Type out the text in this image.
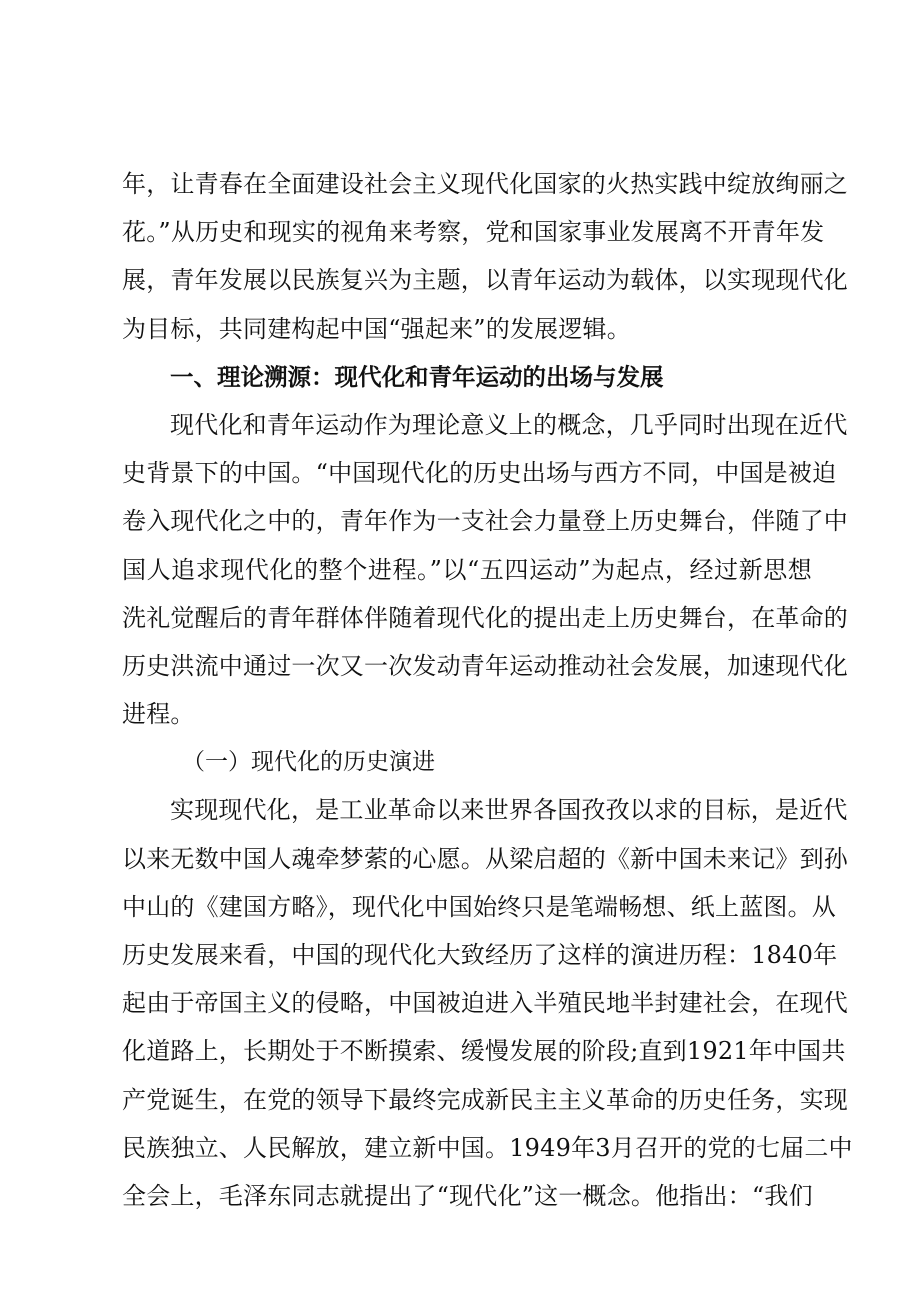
年，让青春在全面建设社会主义现代化国家的火热实践中绽放绚丽之
花。”从历史和现实的视角来考察，党和国家事业发展离不开青年发
展，青年发展以民族复兴为主题，以青年运动为载体，以实现现代化
为目标，共同建构起中国“强起来”的发展逻辑。
一、理论溯源：现代化和青年运动的出场与发展
现代化和青年运动作为理论意义上的概念，几乎同时出现在近代
史背景下的中国。“中国现代化的历史出场与西方不同，中国是被迫
卷入现代化之中的，青年作为一支社会力量登上历史舞台，伴随了中
国人追求现代化的整个进程。”以“五四运动”为起点，经过新思想
洗礼觉醒后的青年群体伴随着现代化的提出走上历史舞台，在革命的
历史洪流中通过一次又一次发动青年运动推动社会发展，加速现代化
进程。
（一）现代化的历史演进
实现现代化，是工业革命以来世界各国孜孜以求的目标，是近代
以来无数中国人魂牵梦萦的心愿。从梁启超的《新中国未来记》到孙
中山的《建国方略》，现代化中国始终只是笔端畅想、纸上蓝图。从
历史发展来看，中国的现代化大致经历了这样的演进历程：1840年
起由于帝国主义的侵略，中国被迫进入半殖民地半封建社会，在现代
化道路上，长期处于不断摸索、缓慢发展的阶段;直到1921年中国共
产党诞生，在党的领导下最终完成新民主主义革命的历史任务，实现
民族独立、人民解放，建立新中国。1949年3月召开的党的七届二中
全会上，毛泽东同志就提出了“现代化”这一概念。他指出：“我们
